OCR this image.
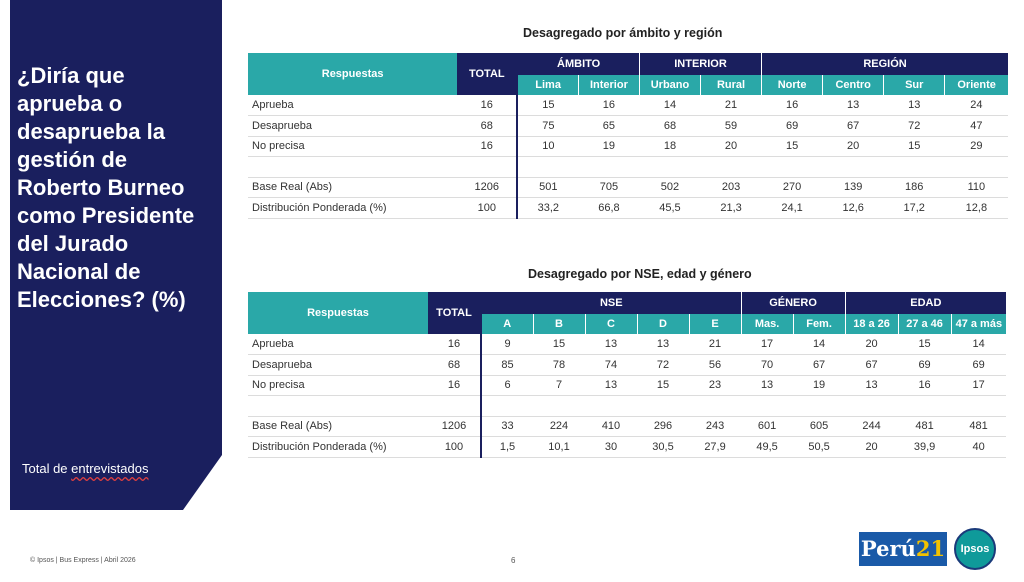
¿Diría que aprueba o desaprueba la gestión de Roberto Burneo como Presidente del Jurado Nacional de Elecciones? (%)
Total de entrevistados
Desagregado por ámbito y región
Respuestas	TOTAL	ÁMBITO		INTERIOR		REGIÓN			
		Lima	Interior	Urbano	Rural	Norte	Centro	Sur	Oriente
Aprueba	16	15	16	14	21	16	13	13	24
Desaprueba	68	75	65	68	59	69	67	72	47
No precisa	16	10	19	18	20	15	20	15	29

Base Real (Abs)	1206	501	705	502	203	270	139	186	110
Distribución Ponderada (%)	100	33,2	66,8	45,5	21,3	24,1	12,6	17,2	12,8
Desagregado por NSE, edad y género
Respuestas	TOTAL	NSE					GÉNERO		EDAD		
		A	B	C	D	E	Mas.	Fem.	18 a 26	27 a 46	47 a más
Aprueba	16	9	15	13	13	21	17	14	20	15	14
Desaprueba	68	85	78	74	72	56	70	67	67	69	69
No precisa	16	6	7	13	15	23	13	19	13	16	17

Base Real (Abs)	1206	33	224	410	296	243	601	605	244	481	481
Distribución Ponderada (%)	100	1,5	10,1	30	30,5	27,9	49,5	50,5	20	39,9	40
© Ipsos | Bus Express | Abril 2026	6	Perú21	Ipsos
